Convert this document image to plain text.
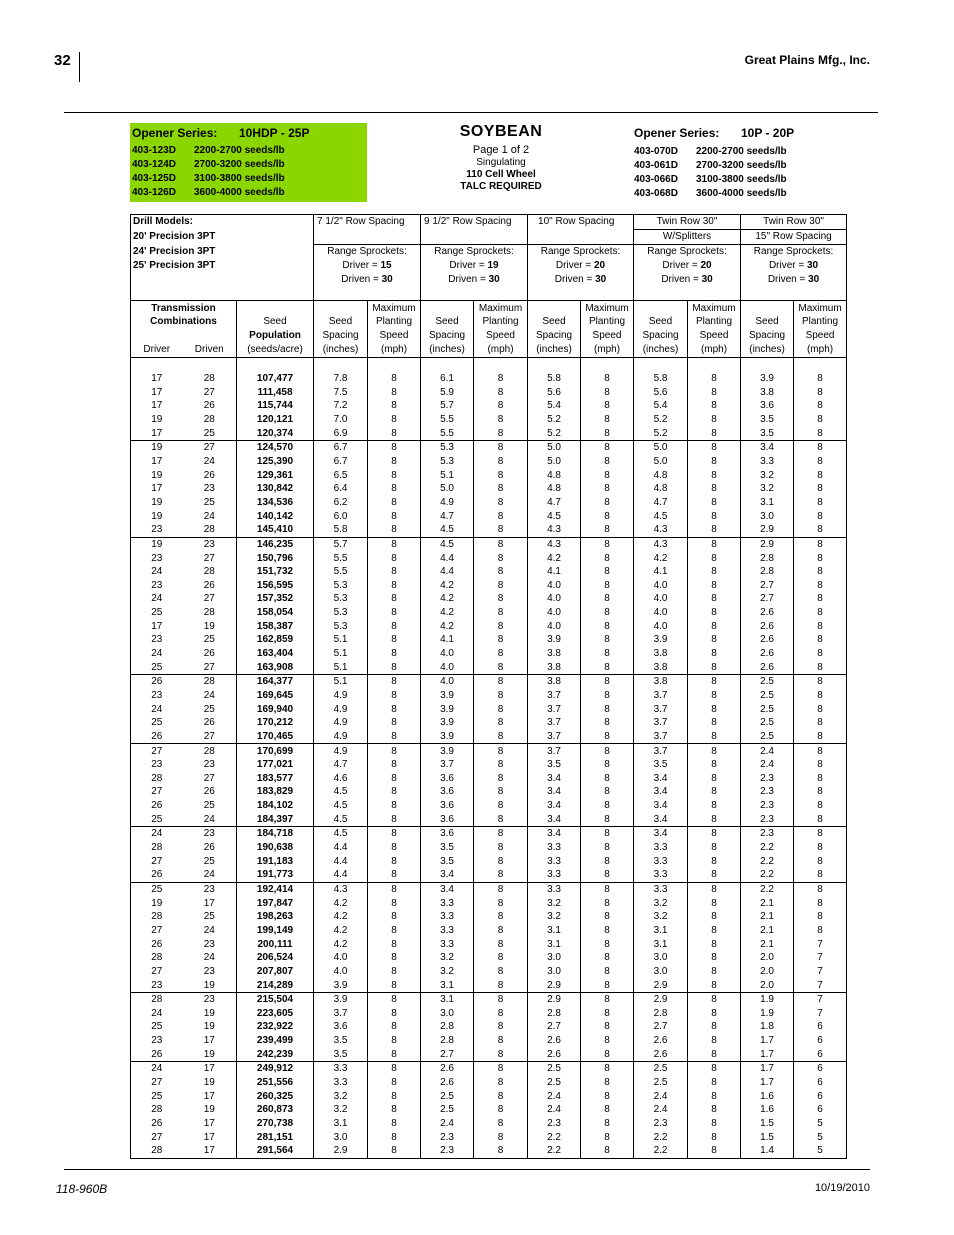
32	Great Plains Mfg., Inc.
Opener Series: 10HDP - 25P
403-123D 2200-2700 seeds/lb
403-124D 2700-3200 seeds/lb
403-125D 3100-3800 seeds/lb
403-126D 3600-4000 seeds/lb
SOYBEAN
Page 1 of 2
Singulating
110 Cell Wheel
TALC REQUIRED
Opener Series: 10P - 20P
403-070D 2200-2700 seeds/lb
403-061D 2700-3200 seeds/lb
403-066D 3100-3800 seeds/lb
403-068D 3600-4000 seeds/lb
Drill Models:			7 1/2" Row Spacing		9 1/2" Row Spacing		10" Row Spacing		Twin Row 30"		Twin Row 30"	
20' Precision 3PT									W/Splitters		15" Row Spacing	
24' Precision 3PT			Range Sprockets:		Range Sprockets:		Range Sprockets:		Range Sprockets:		Range Sprockets:	
25' Precision 3PT			Driver = 15		Driver = 19		Driver = 20		Driver = 20		Driver = 30	
			Driven = 30		Driven = 30		Driven = 30		Driven = 30		Driven = 30	

Transmission				Maximum		Maximum		Maximum		Maximum		Maximum
Combinations		Seed	Seed	Planting	Seed	Planting	Seed	Planting	Seed	Planting	Seed	Planting
		Population	Spacing	Speed	Spacing	Speed	Spacing	Speed	Spacing	Speed	Spacing	Speed
Driver	Driven	(seeds/acre)	(inches)	(mph)	(inches)	(mph)	(inches)	(mph)	(inches)	(mph)	(inches)	(mph)

17	28	107,477	7.8	8	6.1	8	5.8	8	5.8	8	3.9	8
17	27	111,458	7.5	8	5.9	8	5.6	8	5.6	8	3.8	8
17	26	115,744	7.2	8	5.7	8	5.4	8	5.4	8	3.6	8
19	28	120,121	7.0	8	5.5	8	5.2	8	5.2	8	3.5	8
17	25	120,374	6.9	8	5.5	8	5.2	8	5.2	8	3.5	8
19	27	124,570	6.7	8	5.3	8	5.0	8	5.0	8	3.4	8
17	24	125,390	6.7	8	5.3	8	5.0	8	5.0	8	3.3	8
19	26	129,361	6.5	8	5.1	8	4.8	8	4.8	8	3.2	8
17	23	130,842	6.4	8	5.0	8	4.8	8	4.8	8	3.2	8
19	25	134,536	6.2	8	4.9	8	4.7	8	4.7	8	3.1	8
19	24	140,142	6.0	8	4.7	8	4.5	8	4.5	8	3.0	8
23	28	145,410	5.8	8	4.5	8	4.3	8	4.3	8	2.9	8
19	23	146,235	5.7	8	4.5	8	4.3	8	4.3	8	2.9	8
23	27	150,796	5.5	8	4.4	8	4.2	8	4.2	8	2.8	8
24	28	151,732	5.5	8	4.4	8	4.1	8	4.1	8	2.8	8
23	26	156,595	5.3	8	4.2	8	4.0	8	4.0	8	2.7	8
24	27	157,352	5.3	8	4.2	8	4.0	8	4.0	8	2.7	8
25	28	158,054	5.3	8	4.2	8	4.0	8	4.0	8	2.6	8
17	19	158,387	5.3	8	4.2	8	4.0	8	4.0	8	2.6	8
23	25	162,859	5.1	8	4.1	8	3.9	8	3.9	8	2.6	8
24	26	163,404	5.1	8	4.0	8	3.8	8	3.8	8	2.6	8
25	27	163,908	5.1	8	4.0	8	3.8	8	3.8	8	2.6	8
26	28	164,377	5.1	8	4.0	8	3.8	8	3.8	8	2.5	8
23	24	169,645	4.9	8	3.9	8	3.7	8	3.7	8	2.5	8
24	25	169,940	4.9	8	3.9	8	3.7	8	3.7	8	2.5	8
25	26	170,212	4.9	8	3.9	8	3.7	8	3.7	8	2.5	8
26	27	170,465	4.9	8	3.9	8	3.7	8	3.7	8	2.5	8
27	28	170,699	4.9	8	3.9	8	3.7	8	3.7	8	2.4	8
23	23	177,021	4.7	8	3.7	8	3.5	8	3.5	8	2.4	8
28	27	183,577	4.6	8	3.6	8	3.4	8	3.4	8	2.3	8
27	26	183,829	4.5	8	3.6	8	3.4	8	3.4	8	2.3	8
26	25	184,102	4.5	8	3.6	8	3.4	8	3.4	8	2.3	8
25	24	184,397	4.5	8	3.6	8	3.4	8	3.4	8	2.3	8
24	23	184,718	4.5	8	3.6	8	3.4	8	3.4	8	2.3	8
28	26	190,638	4.4	8	3.5	8	3.3	8	3.3	8	2.2	8
27	25	191,183	4.4	8	3.5	8	3.3	8	3.3	8	2.2	8
26	24	191,773	4.4	8	3.4	8	3.3	8	3.3	8	2.2	8
25	23	192,414	4.3	8	3.4	8	3.3	8	3.3	8	2.2	8
19	17	197,847	4.2	8	3.3	8	3.2	8	3.2	8	2.1	8
28	25	198,263	4.2	8	3.3	8	3.2	8	3.2	8	2.1	8
27	24	199,149	4.2	8	3.3	8	3.1	8	3.1	8	2.1	8
26	23	200,111	4.2	8	3.3	8	3.1	8	3.1	8	2.1	7
28	24	206,524	4.0	8	3.2	8	3.0	8	3.0	8	2.0	7
27	23	207,807	4.0	8	3.2	8	3.0	8	3.0	8	2.0	7
23	19	214,289	3.9	8	3.1	8	2.9	8	2.9	8	2.0	7
28	23	215,504	3.9	8	3.1	8	2.9	8	2.9	8	1.9	7
24	19	223,605	3.7	8	3.0	8	2.8	8	2.8	8	1.9	7
25	19	232,922	3.6	8	2.8	8	2.7	8	2.7	8	1.8	6
23	17	239,499	3.5	8	2.8	8	2.6	8	2.6	8	1.7	6
26	19	242,239	3.5	8	2.7	8	2.6	8	2.6	8	1.7	6
24	17	249,912	3.3	8	2.6	8	2.5	8	2.5	8	1.7	6
27	19	251,556	3.3	8	2.6	8	2.5	8	2.5	8	1.7	6
25	17	260,325	3.2	8	2.5	8	2.4	8	2.4	8	1.6	6
28	19	260,873	3.2	8	2.5	8	2.4	8	2.4	8	1.6	6
26	17	270,738	3.1	8	2.4	8	2.3	8	2.3	8	1.5	5
27	17	281,151	3.0	8	2.3	8	2.2	8	2.2	8	1.5	5
28	17	291,564	2.9	8	2.3	8	2.2	8	2.2	8	1.4	5
118-960B	10/19/2010
